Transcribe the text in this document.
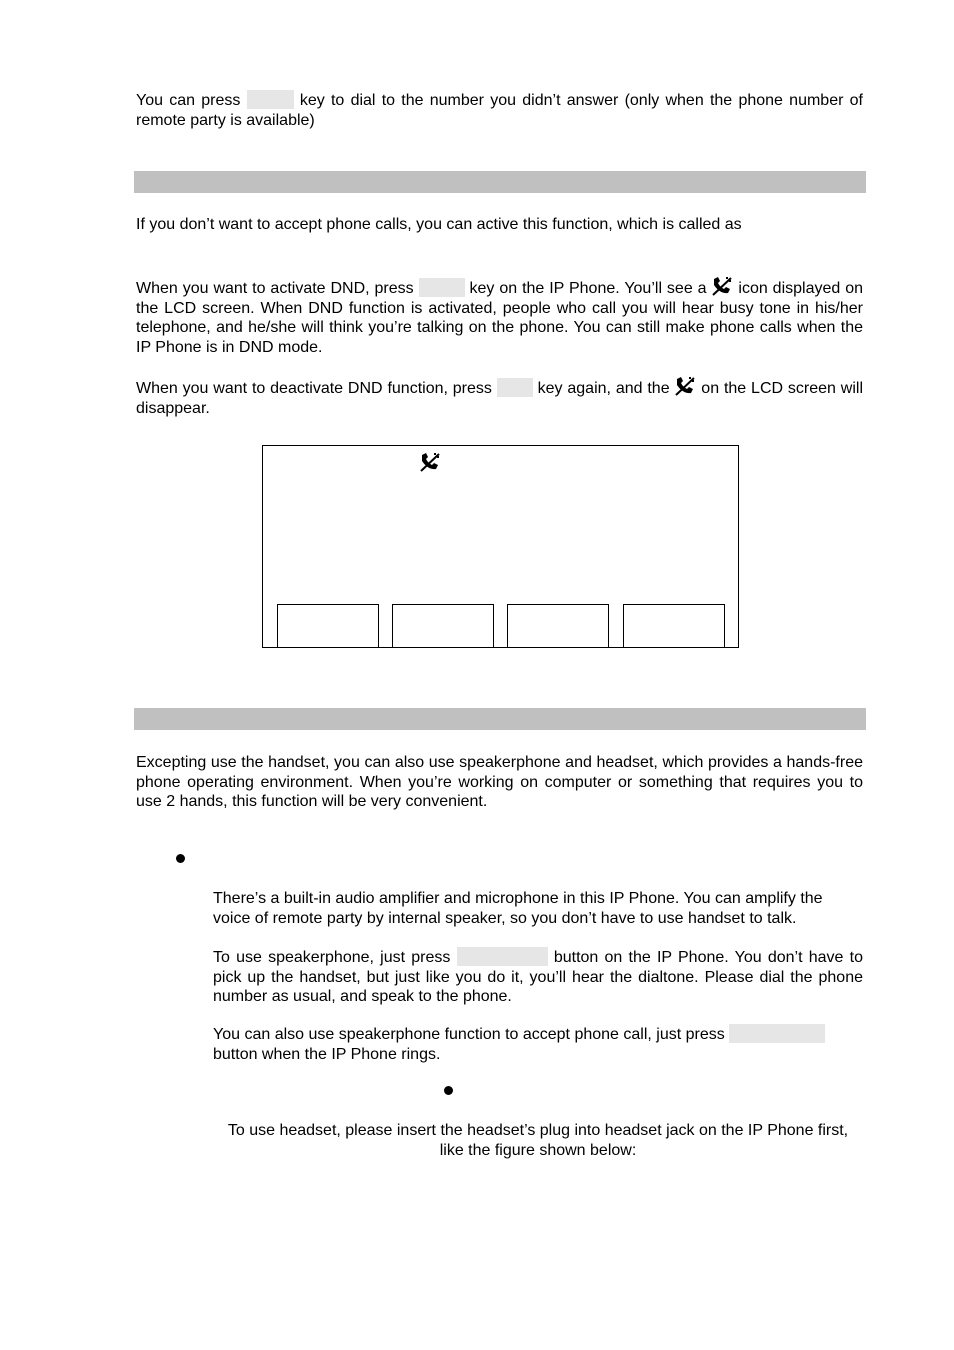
You can press	key to dial to the number you didn’t answer (only when the phone number of remote party is available)
If you don’t want to accept phone calls, you can active this function, which is called as
When you want to activate DND, press	key on the IP Phone. You’ll see a  icon displayed on the LCD screen. When DND function is activated, people who call you will hear busy tone in his/her telephone, and he/she will think you’re talking on the phone. You can still make phone calls when the IP Phone is in DND mode.
When you want to deactivate DND function, press  key again, and the  on the LCD screen will disappear.
Excepting use the handset, you can also use speakerphone and headset, which provides a hands-free phone operating environment. When you’re working on computer or something that requires you to use 2 hands, this function will be very convenient.
There’s a built-in audio amplifier and microphone in this IP Phone. You can amplify the voice of remote party by internal speaker, so you don’t have to use handset to talk.
To use speakerphone, just press	button on the IP Phone. You don’t have to pick up the handset, but just like you do it, you’ll hear the dialtone. Please dial the phone number as usual, and speak to the phone.
You can also use speakerphone function to accept phone call, just press  button when the IP Phone rings.
To use headset, please insert the headset’s plug into headset jack on the IP Phone first,
like the figure shown below:
